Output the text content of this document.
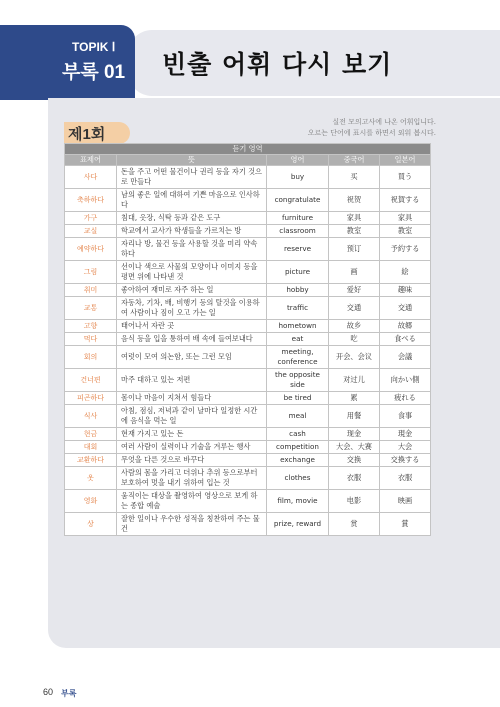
TOPIK Ⅰ
부록 01 빈출 어휘 다시 보기
제1회
실전 모의고사에 나온 어휘입니다.
오르는 단어에 표시를 하면서 외워 봅시다.
듣기 영역				
표제어	뜻	영어	중국어	일본어
사다	돈을 주고 어떤 물건이나 권리 등을 자기 것으로 만들다	buy	买	買う
축하하다	남의 좋은 일에 대하여 기쁜 마음으로 인사하다	congratulate	祝贺	祝賀する
가구	침대, 옷장, 식탁 등과 같은 도구	furniture	家具	家具
교실	학교에서 교사가 학생들을 가르치는 방	classroom	教室	教室
예약하다	자리나 방, 물건 등을 사용할 것을 미리 약속하다	reserve	预订	予約する
그림	선이나 색으로 사물의 모양이나 이미지 등을 평면 위에 나타낸 것	picture	画	絵
취미	좋아하여 재미로 자주 하는 일	hobby	爱好	趣味
교통	자동차, 기차, 배, 비행기 등의 탈것을 이용하여 사람이나 짐이 오고 가는 일	traffic	交通	交通
고향	태어나서 자란 곳	hometown	故乡	故郷
먹다	음식 등을 입을 통하여 배 속에 들여보내다	eat	吃	食べる
회의	여럿이 모여 의논함, 또는 그런 모임	meeting, conference	开会、会议	会議
건너편	마주 대하고 있는 저편	the opposite side	对过儿	向かい側
피곤하다	몸이나 마음이 지쳐서 힘들다	be tired	累	疲れる
식사	아침, 점심, 저녁과 같이 날마다 일정한 시간에 음식을 먹는 일	meal	用餐	食事
현금	현재 가지고 있는 돈	cash	现金	現金
대회	여러 사람이 실력이나 기술을 겨루는 행사	competition	大会、大赛	大会
교환하다	무엇을 다른 것으로 바꾸다	exchange	交换	交換する
옷	사람의 몸을 가리고 더위나 추위 등으로부터 보호하여 멋을 내기 위하여 입는 것	clothes	衣服	衣服
영화	움직이는 대상을 촬영하여 영상으로 보게 하는 종합 예술	film, movie	电影	映画
상	잘한 일이나 우수한 성적을 칭찬하여 주는 물건	prize, reward	赏	賞
60 부록
